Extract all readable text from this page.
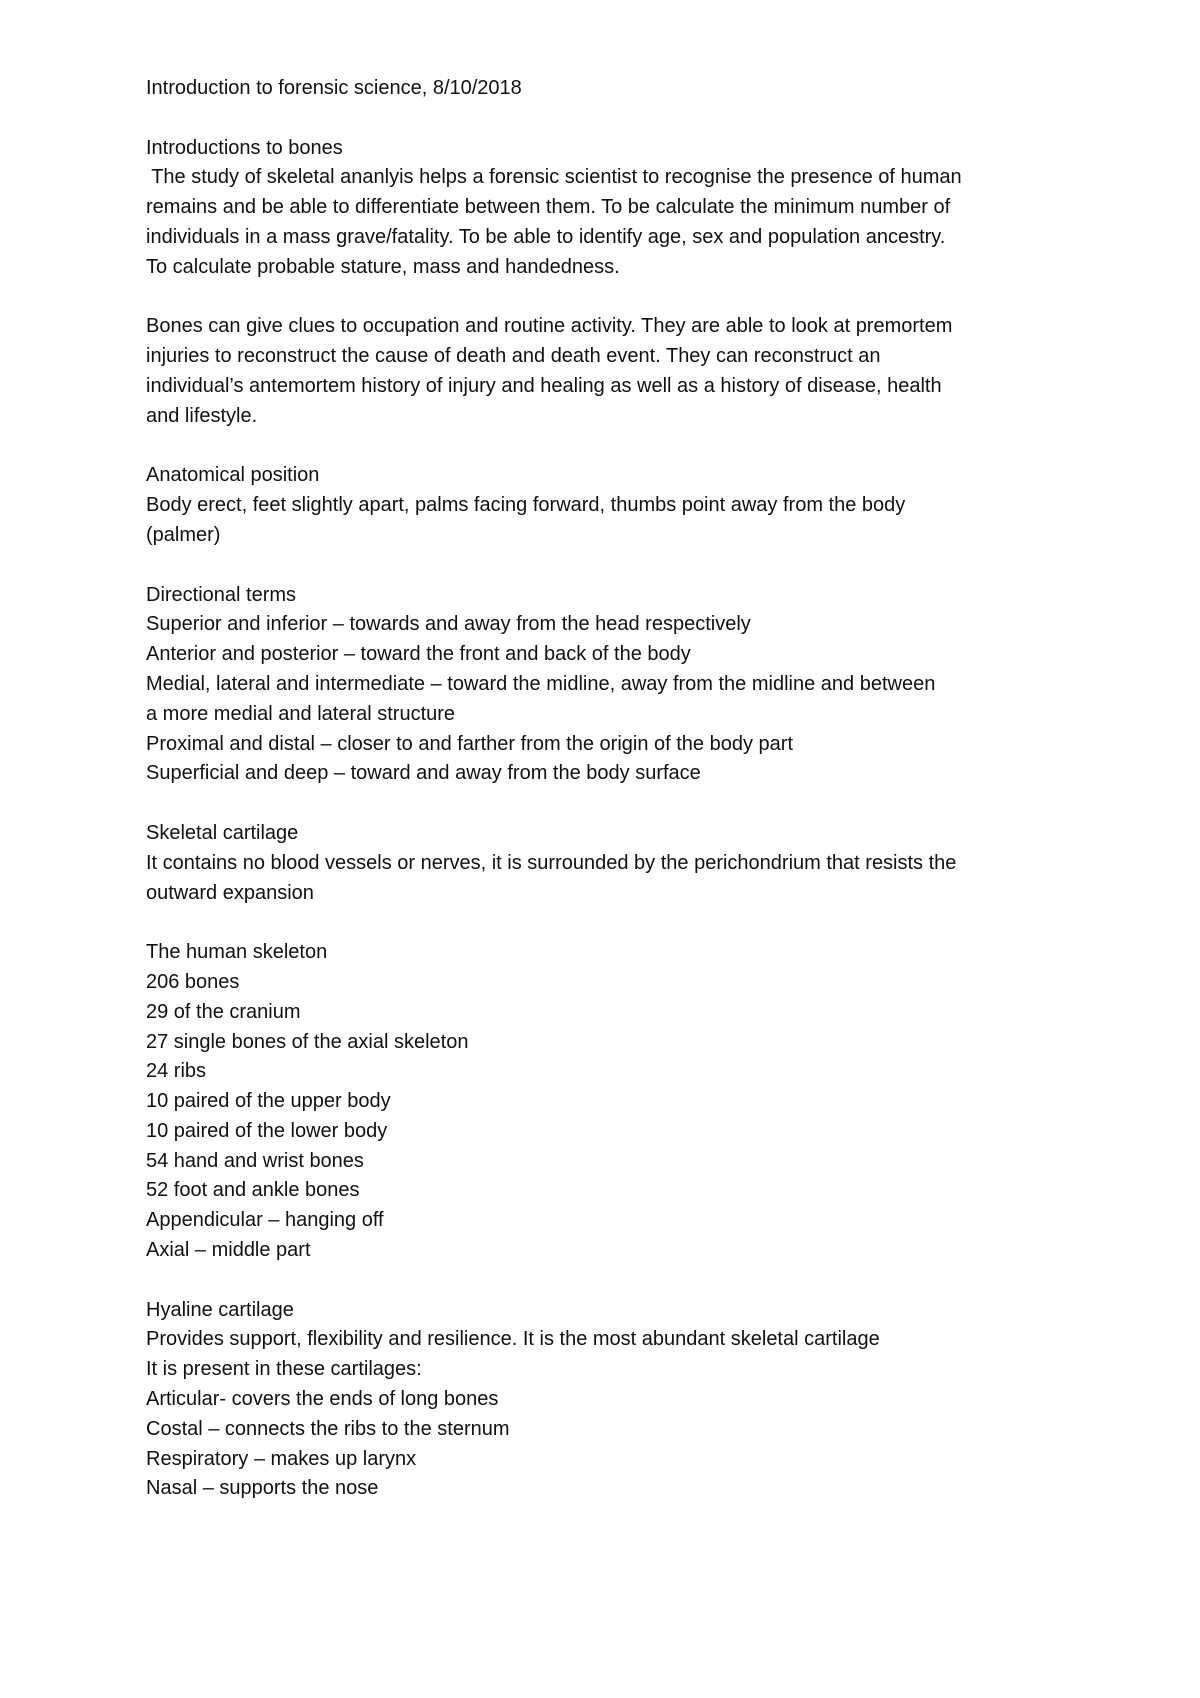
Introduction to forensic science, 8/10/2018
Introductions to bones
The study of skeletal ananlyis helps a forensic scientist to recognise the presence of human
remains and be able to differentiate between them. To be calculate the minimum number of
individuals in a mass grave/fatality. To be able to identify age, sex and population ancestry.
To calculate probable stature, mass and handedness.
Bones can give clues to occupation and routine activity. They are able to look at premortem
injuries to reconstruct the cause of death and death event. They can reconstruct an
individual’s antemortem history of injury and healing as well as a history of disease, health
and lifestyle.
Anatomical position
Body erect, feet slightly apart, palms facing forward, thumbs point away from the body
(palmer)
Directional terms
Superior and inferior – towards and away from the head respectively
Anterior and posterior – toward the front and back of the body
Medial, lateral and intermediate – toward the midline, away from the midline and between
a more medial and lateral structure
Proximal and distal – closer to and farther from the origin of the body part
Superficial and deep – toward and away from the body surface
Skeletal cartilage
It contains no blood vessels or nerves, it is surrounded by the perichondrium that resists the
outward expansion
The human skeleton
206 bones
29 of the cranium
27 single bones of the axial skeleton
24 ribs
10 paired of the upper body
10 paired of the lower body
54 hand and wrist bones
52 foot and ankle bones
Appendicular – hanging off
Axial – middle part
Hyaline cartilage
Provides support, flexibility and resilience. It is the most abundant skeletal cartilage
It is present in these cartilages:
Articular- covers the ends of long bones
Costal – connects the ribs to the sternum
Respiratory – makes up larynx
Nasal – supports the nose
